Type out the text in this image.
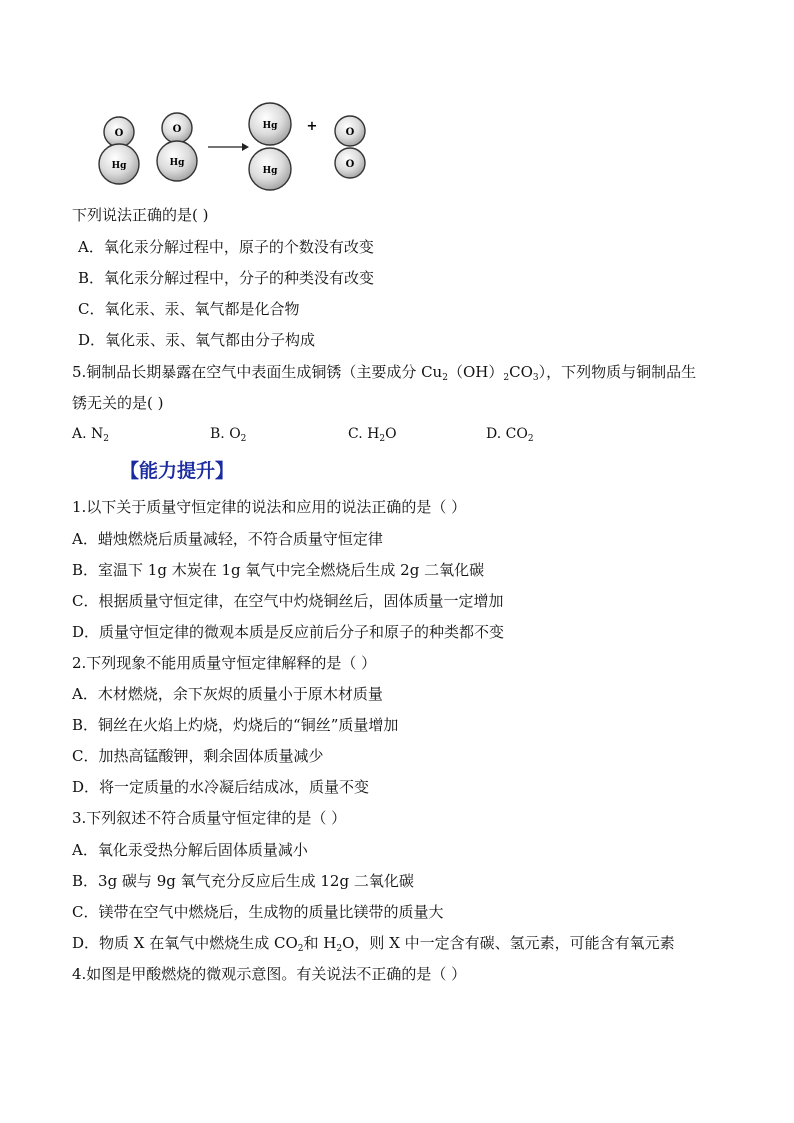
O
Hg
O
Hg
Hg
Hg
+	O
O
下列说法正确的是( )
A．氧化汞分解过程中，原子的个数没有改变
B．氧化汞分解过程中，分子的种类没有改变
C．氧化汞、汞、氧气都是化合物
D．氧化汞、汞、氧气都由分子构成
5.铜制品长期暴露在空气中表面生成铜锈（主要成分 $Cu_2(OH)_2CO_3$），下列物质与铜制品生
锈无关的是( )
A. $N_2$	B. $O_2$	C. $H_2O$	D. $CO_2$
【能力提升】
1.以下关于质量守恒定律的说法和应用的说法正确的是（ ）
A．蜡烛燃烧后质量减轻，不符合质量守恒定律
B．室温下 1g 木炭在 1g 氧气中完全燃烧后生成 2g 二氧化碳
C．根据质量守恒定律，在空气中灼烧铜丝后，固体质量一定增加
D．质量守恒定律的微观本质是反应前后分子和原子的种类都不变
2.下列现象不能用质量守恒定律解释的是（ ）
A．木材燃烧，余下灰烬的质量小于原木材质量
B．铜丝在火焰上灼烧，灼烧后的“铜丝”质量增加
C．加热高锰酸钾，剩余固体质量减少
D．将一定质量的水冷凝后结成冰，质量不变
3.下列叙述不符合质量守恒定律的是（ ）
A．氧化汞受热分解后固体质量减小
B．3g 碳与 9g 氧气充分反应后生成 12g 二氧化碳
C．镁带在空气中燃烧后，生成物的质量比镁带的质量大
D．物质 X 在氧气中燃烧生成 $CO_2$和 $H_2O$，则 X 中一定含有碳、氢元素，可能含有氧元素
4.如图是甲酸燃烧的微观示意图。有关说法不正确的是（ ）
